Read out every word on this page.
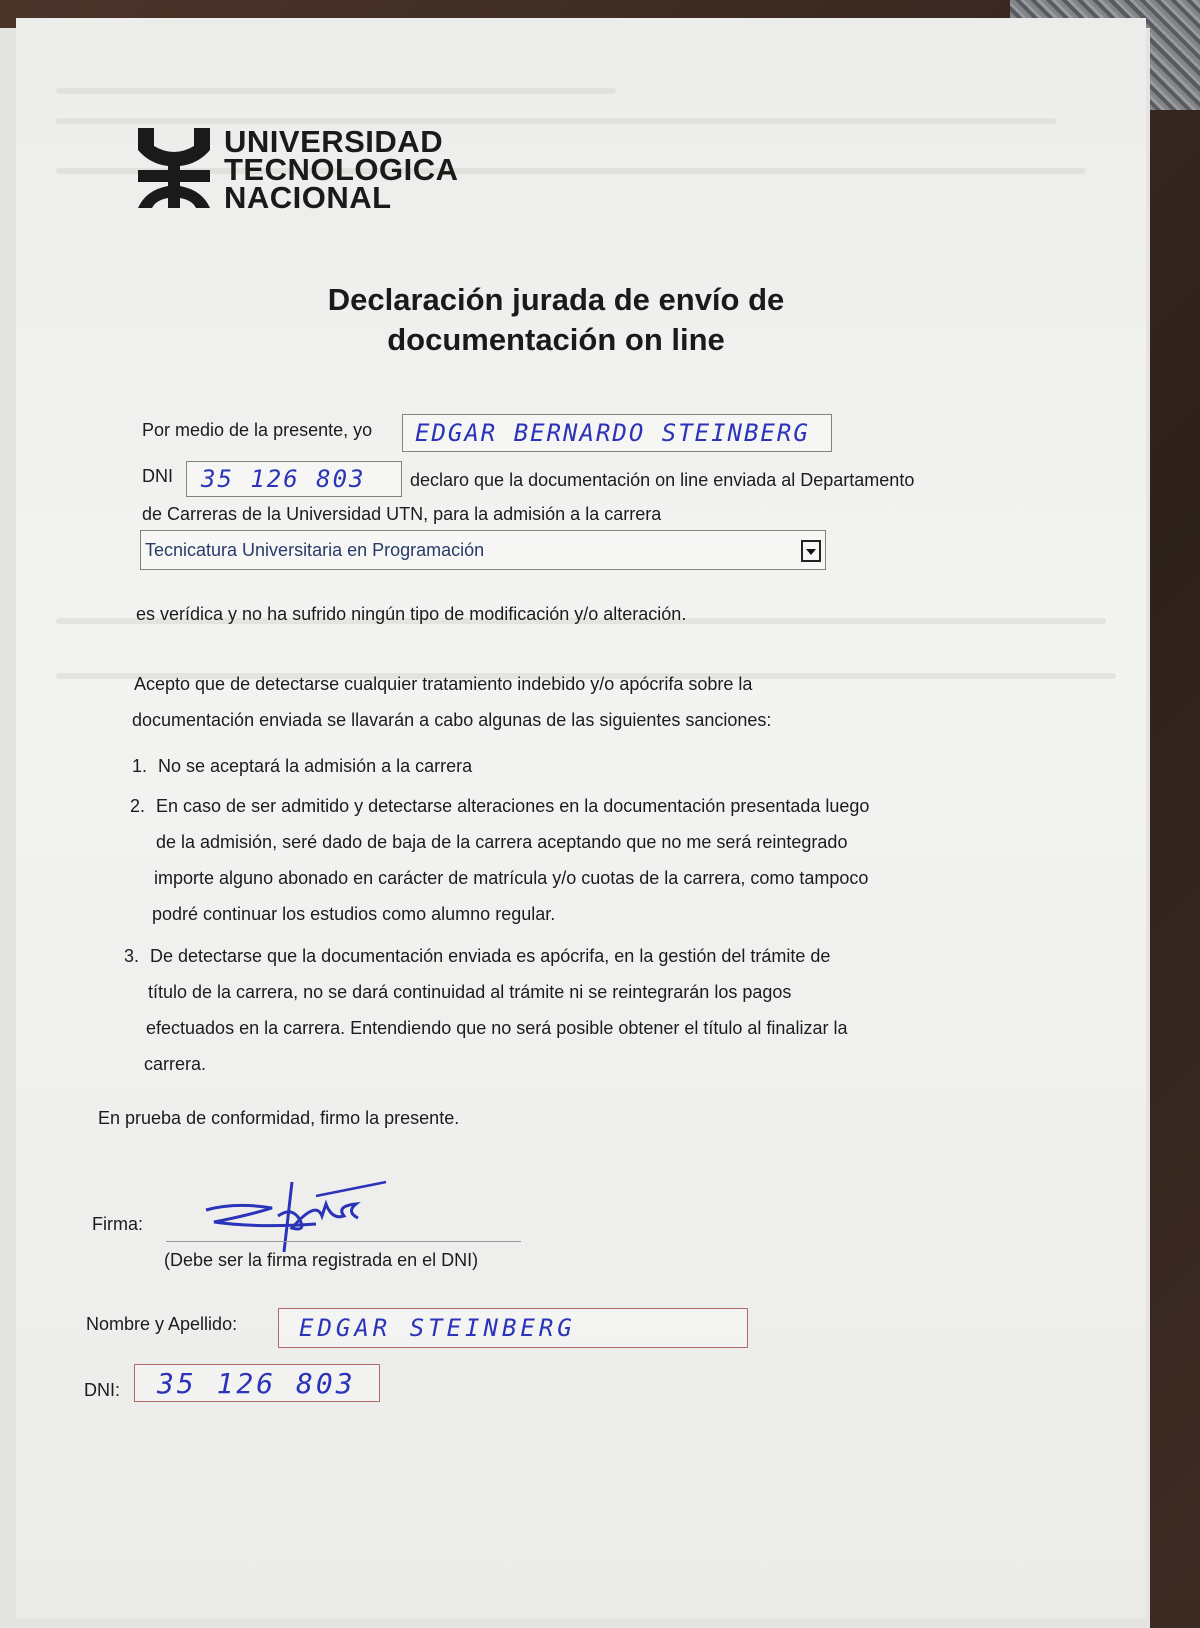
UNIVERSIDAD
TECNOLOGICA
NACIONAL
Declaración jurada de envío de
documentación on line
Por medio de la presente, yo EDGAR BERNARDO STEINBERG
DNI 35 126 803 declaro que la documentación on line enviada al Departamento
de Carreras de la Universidad UTN, para la admisión a la carrera
Tecnicatura Universitaria en Programación
es verídica y no ha sufrido ningún tipo de modificación y/o alteración.
Acepto que de detectarse cualquier tratamiento indebido y/o apócrifa sobre la
documentación enviada se llavarán a cabo algunas de las siguientes sanciones:
1. No se aceptará la admisión a la carrera
2. En caso de ser admitido y detectarse alteraciones en la documentación presentada luego
de la admisión, seré dado de baja de la carrera aceptando que no me será reintegrado
importe alguno abonado en carácter de matrícula y/o cuotas de la carrera, como tampoco
podré continuar los estudios como alumno regular.
3. De detectarse que la documentación enviada es apócrifa, en la gestión del trámite de
título de la carrera, no se dará continuidad al trámite ni se reintegrarán los pagos
efectuados en la carrera. Entendiendo que no será posible obtener el título al finalizar la
carrera.
En prueba de conformidad, firmo la presente.
Firma:
(Debe ser la firma registrada en el DNI)
Nombre y Apellido:	EDGAR STEINBERG
DNI: 35 126 803
